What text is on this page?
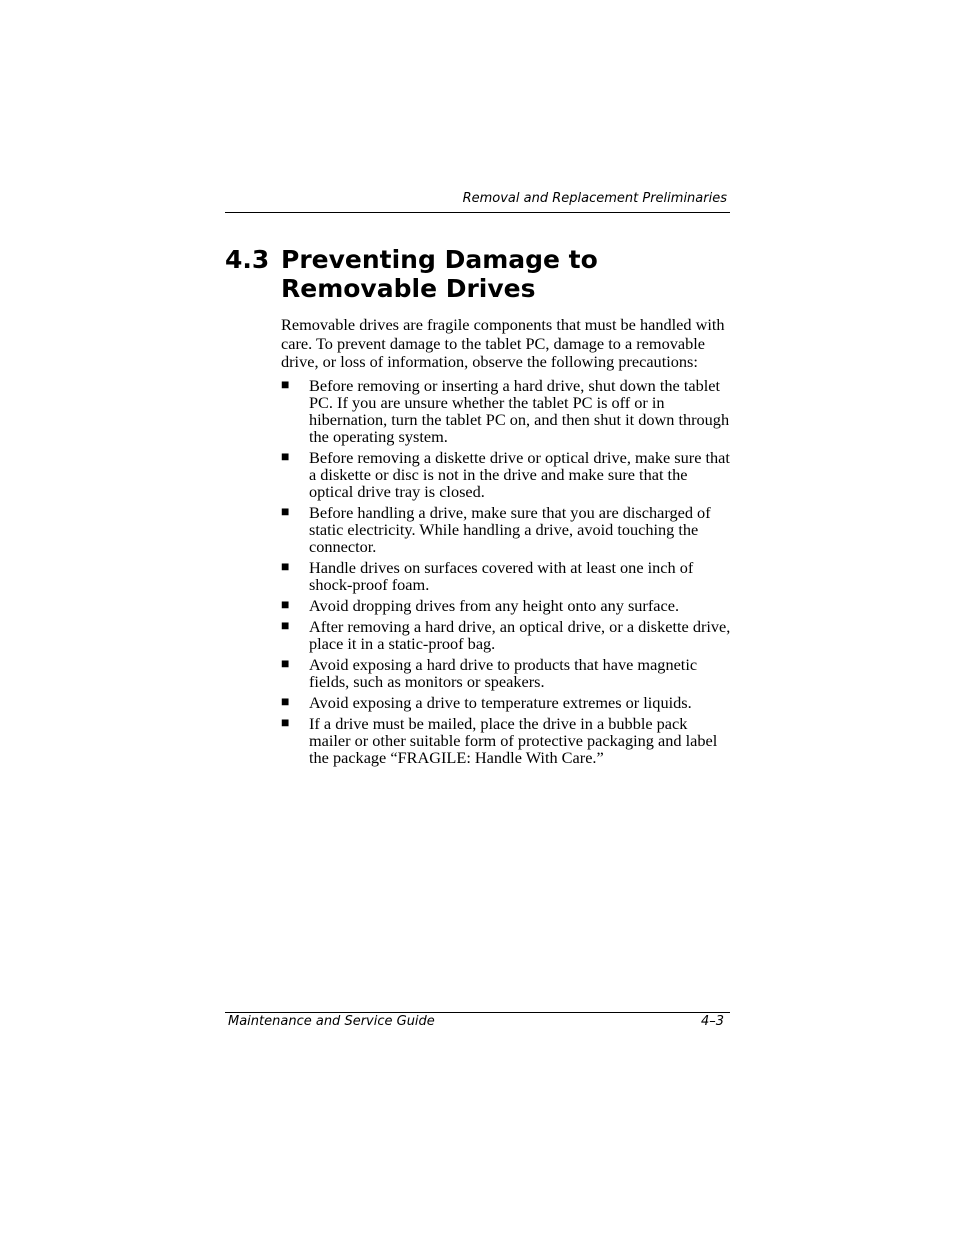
Removal and Replacement Preliminaries
4.3 Preventing Damage to
Removable Drives

Removable drives are fragile components that must be handled with care. To prevent damage to the tablet PC, damage to a removable drive, or loss of information, observe the following precautions:

■ Before removing or inserting a hard drive, shut down the tablet PC. If you are unsure whether the tablet PC is off or in hibernation, turn the tablet PC on, and then shut it down through the operating system.
■ Before removing a diskette drive or optical drive, make sure that a diskette or disc is not in the drive and make sure that the optical drive tray is closed.
■ Before handling a drive, make sure that you are discharged of static electricity. While handling a drive, avoid touching the connector.
■ Handle drives on surfaces covered with at least one inch of shock-proof foam.
■ Avoid dropping drives from any height onto any surface.
■ After removing a hard drive, an optical drive, or a diskette drive, place it in a static-proof bag.
■ Avoid exposing a hard drive to products that have magnetic fields, such as monitors or speakers.
■ Avoid exposing a drive to temperature extremes or liquids.
■ If a drive must be mailed, place the drive in a bubble pack mailer or other suitable form of protective packaging and label the package “FRAGILE: Handle With Care.”
Maintenance and Service Guide	4–3
